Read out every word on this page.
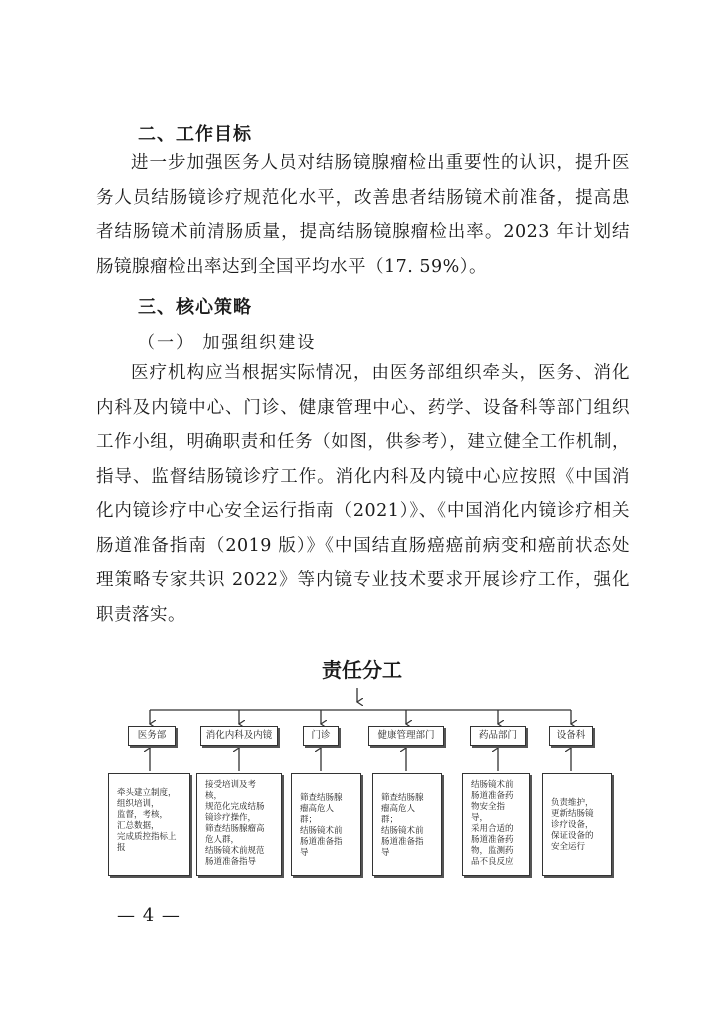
二、工作目标
进一步加强医务人员对结肠镜腺瘤检出重要性的认识，提升医务人员结肠镜诊疗规范化水平，改善患者结肠镜术前准备，提高患者结肠镜术前清肠质量，提高结肠镜腺瘤检出率。2023 年计划结肠镜腺瘤检出率达到全国平均水平（17. 59%）。
三、核心策略
（一） 加强组织建设
医疗机构应当根据实际情况，由医务部组织牵头，医务、消化内科及内镜中心、门诊、健康管理中心、药学、设备科等部门组织工作小组，明确职责和任务（如图，供参考），建立健全工作机制，指导、监督结肠镜诊疗工作。消化内科及内镜中心应按照《中国消化内镜诊疗中心安全运行指南（2021）》、《中国消化内镜诊疗相关肠道准备指南（2019 版）》《中国结直肠癌癌前病变和癌前状态处理策略专家共识 2022》等内镜专业技术要求开展诊疗工作，强化职责落实。
责任分工
医务部	消化内科及内镜	门诊	健康管理部门	药品部门	设备科
牵头建立制度，
组织培训，
监督，考核，
汇总数据，
完成质控指标上
报
接受培训及考
核，
规范化完成结肠
镜诊疗操作，
筛查结肠腺瘤高
危人群，
结肠镜术前规范
肠道准备指导
筛查结肠腺
瘤高危人
群；
结肠镜术前
肠道准备指
导
筛查结肠腺
瘤高危人
群；
结肠镜术前
肠道准备指
导
结肠镜术前
肠道准备药
物安全指
导，
采用合适的
肠道准备药
物，监测药
品不良反应
负责维护，
更新结肠镜
诊疗设备，
保证设备的
安全运行
— 4 —
